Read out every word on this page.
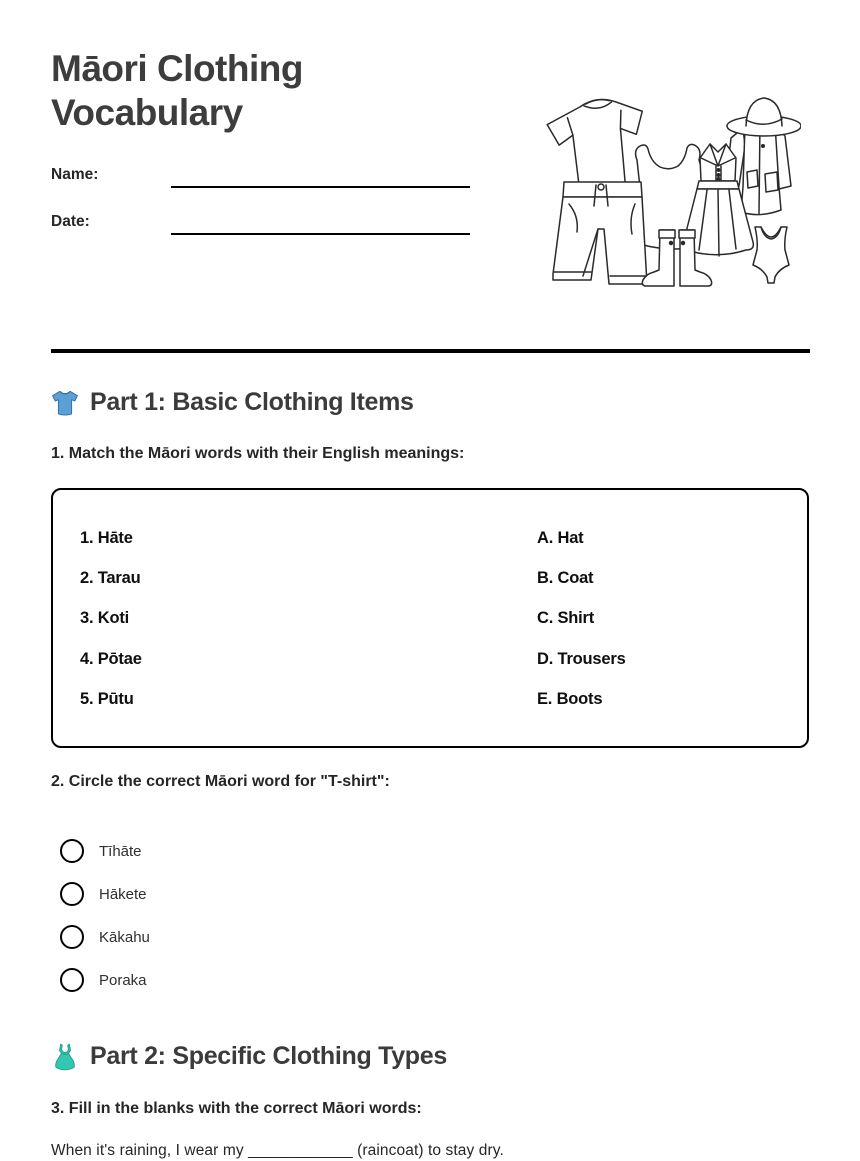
Māori Clothing Vocabulary
Name:
Date:
Part 1: Basic Clothing Items

1. Match the Māori words with their English meanings:

1. Hāte
2. Tarau
3. Koti
4. Pōtae
5. Pūtu
A. Hat
B. Coat
C. Shirt
D. Trousers
E. Boots

2. Circle the correct Māori word for "T-shirt":

Tīhāte
Hākete
Kākahu
Poraka
Part 2: Specific Clothing Types

3. Fill in the blanks with the correct Māori words:

When it's raining, I wear my ____________ (raincoat) to stay dry.
